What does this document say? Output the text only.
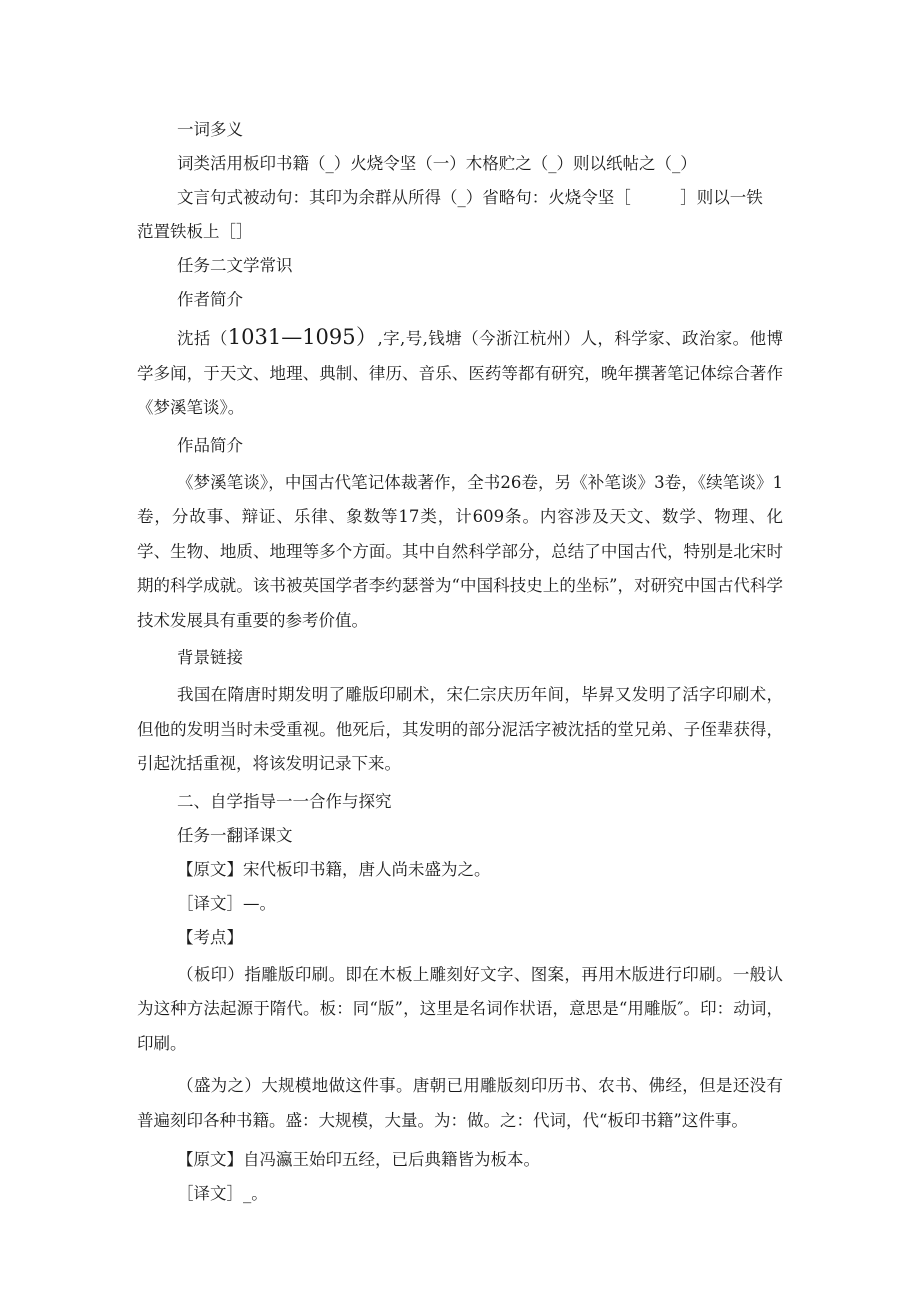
一词多义

词类活用板印书籍（_）火烧令坚（一）木格贮之（_）则以纸帖之（_）

文言句式被动句：其印为余群从所得（_）省略句：火烧令坚［　　　］则以一铁

范置铁板上［］

任务二文学常识

作者简介

沈括（1031—1095）,字,号,钱塘（今浙江杭州）人，科学家、政治家。他博学多闻，于天文、地理、典制、律历、音乐、医药等都有研究，晚年撰著笔记体综合著作《梦溪笔谈》。

作品简介

《梦溪笔谈》，中国古代笔记体裁著作，全书26卷，另《补笔谈》3卷，《续笔谈》1卷，分故事、辩证、乐律、象数等17类，计609条。内容涉及天文、数学、物理、化学、生物、地质、地理等多个方面。其中自然科学部分，总结了中国古代，特别是北宋时期的科学成就。该书被英国学者李约瑟誉为“中国科技史上的坐标”，对研究中国古代科学技术发展具有重要的参考价值。

背景链接

我国在隋唐时期发明了雕版印刷术，宋仁宗庆历年间，毕昇又发明了活字印刷术，但他的发明当时未受重视。他死后，其发明的部分泥活字被沈括的堂兄弟、子侄辈获得，引起沈括重视，将该发明记录下来。

二、自学指导一一合作与探究

任务一翻译课文

【原文】宋代板印书籍，唐人尚未盛为之。

［译文］—。

【考点】

（板印）指雕版印刷。即在木板上雕刻好文字、图案，再用木版进行印刷。一般认为这种方法起源于隋代。板：同“版”，这里是名词作状语，意思是“用雕版″。印：动词，印刷。

（盛为之）大规模地做这件事。唐朝已用雕版刻印历书、农书、佛经，但是还没有普遍刻印各种书籍。盛：大规模，大量。为：做。之：代词，代“板印书籍”这件事。

【原文】自冯瀛王始印五经，已后典籍皆为板本。

［译文］_。
